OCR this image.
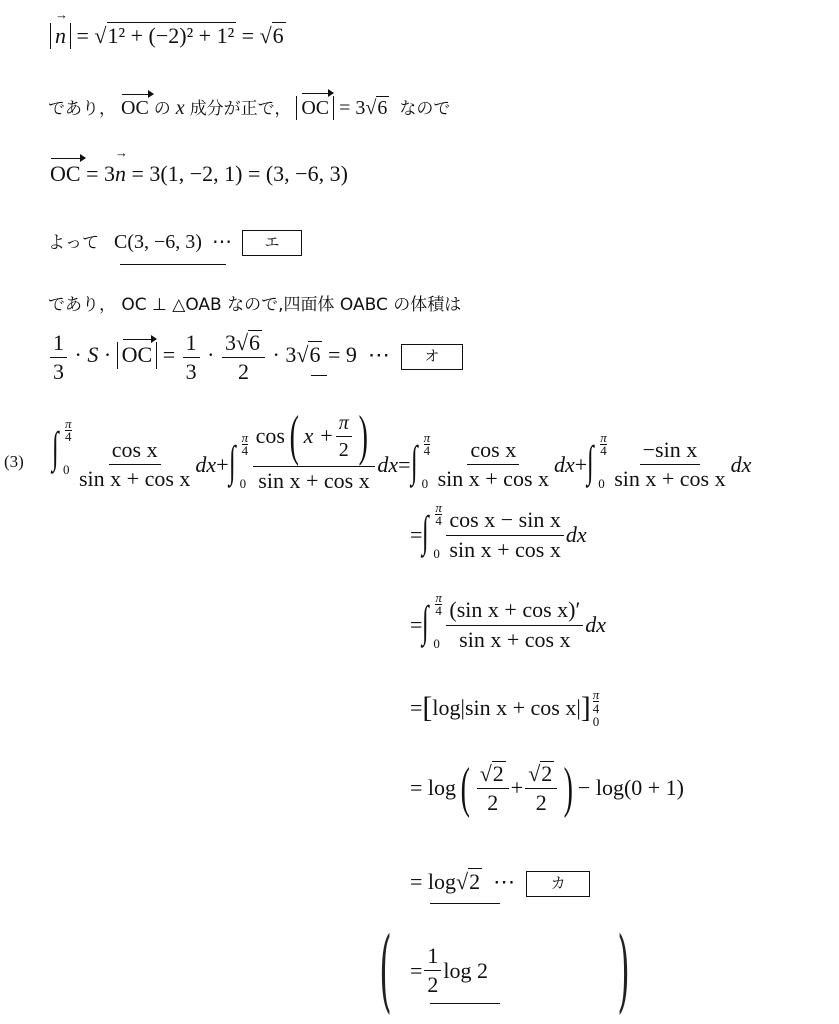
n → = √1² + (−2)² + 1² = √6
であり， OC の x 成分が正で， OC = 3√6 なので
OC = 3n → = 3(1, −2, 1) = (3, −6, 3)
よって C(3, −6, 3) ⋯ エ
であり， OC ⊥ △OAB なので,四面体 OABC の体積は
$\frac{1}{3} \cdot S$ · OC = $\frac{1}{3} \cdot \frac{3√6}{2} \cdot 3√6 = 9$ ⋯ オ
(3) ∫ π
4
$0 \frac{\text{cos x}}{\text{sin x + cos x}}$ dx + ∫ π
4
$0 \frac{\cos ( x + \frac{\pi}{2} )}{\text{sin x + cos x}}$ dx = ∫ π
4
$0 \frac{\text{cos x}}{\text{sin x + cos x}}$ dx + ∫ π
4
$0 \frac{\text{−sin x}}{\text{sin x + cos x}}$ dx
= ∫ π
4
$0 \frac{\text{cos x − sin x}}{\text{sin x + cos x}}$ dx
= ∫ π
4
$0 \frac{\text{(sin x + cos x)′}}{\text{sin x + cos x}}$ dx
= [ log|sin x + cos x| ] π
4
0
= log ( $\frac{√2}{2} + \frac{√2}{2}$ ) − log(0 + 1)
= log√2 ⋯ カ
(	)
= $\frac{1}{2}$ log 2
